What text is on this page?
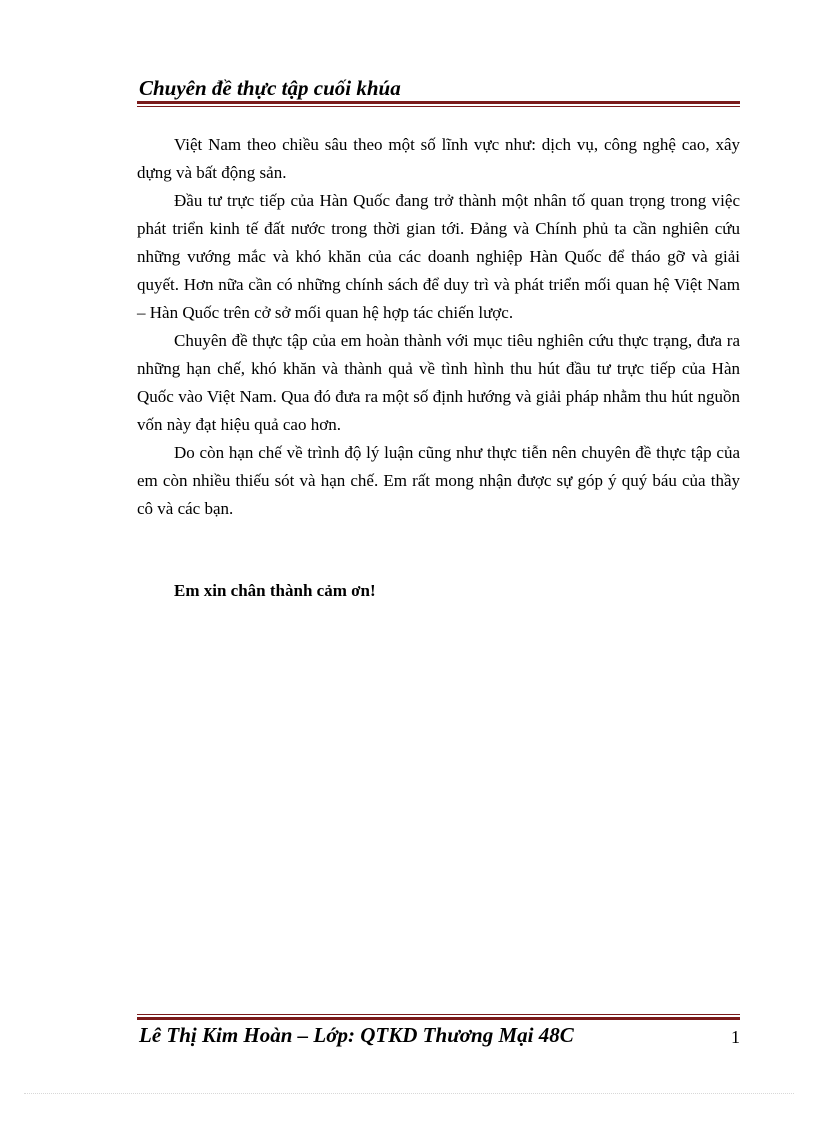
Chuyên đề thực tập cuối khúa

Việt Nam theo chiều sâu theo một số lĩnh vực như: dịch vụ, công nghệ cao, xây dựng và bất động sản.

Đầu tư trực tiếp của Hàn Quốc đang trở thành một nhân tố quan trọng trong việc phát triển kinh tế đất nước trong thời gian tới. Đảng và Chính phủ ta cần nghiên cứu những vướng mắc và khó khăn của các doanh nghiệp Hàn Quốc để tháo gỡ và giải quyết. Hơn nữa cần có những chính sách để duy trì và phát triển mối quan hệ Việt Nam – Hàn Quốc trên cở sở mối quan hệ hợp tác chiến lược.

Chuyên đề thực tập của em hoàn thành với mục tiêu nghiên cứu thực trạng, đưa ra những hạn chế, khó khăn và thành quả về tình hình thu hút đầu tư trực tiếp của Hàn Quốc vào Việt Nam. Qua đó đưa ra một số định hướng và giải pháp nhằm thu hút nguồn vốn này đạt hiệu quả cao hơn.

Do còn hạn chế về trình độ lý luận cũng như thực tiễn nên chuyên đề thực tập của em còn nhiều thiếu sót và hạn chế. Em rất mong nhận được sự góp ý quý báu của thầy cô và các bạn.

Em xin chân thành cảm ơn!
Lê Thị Kim Hoàn – Lớp: QTKD Thương Mại 48C	1
